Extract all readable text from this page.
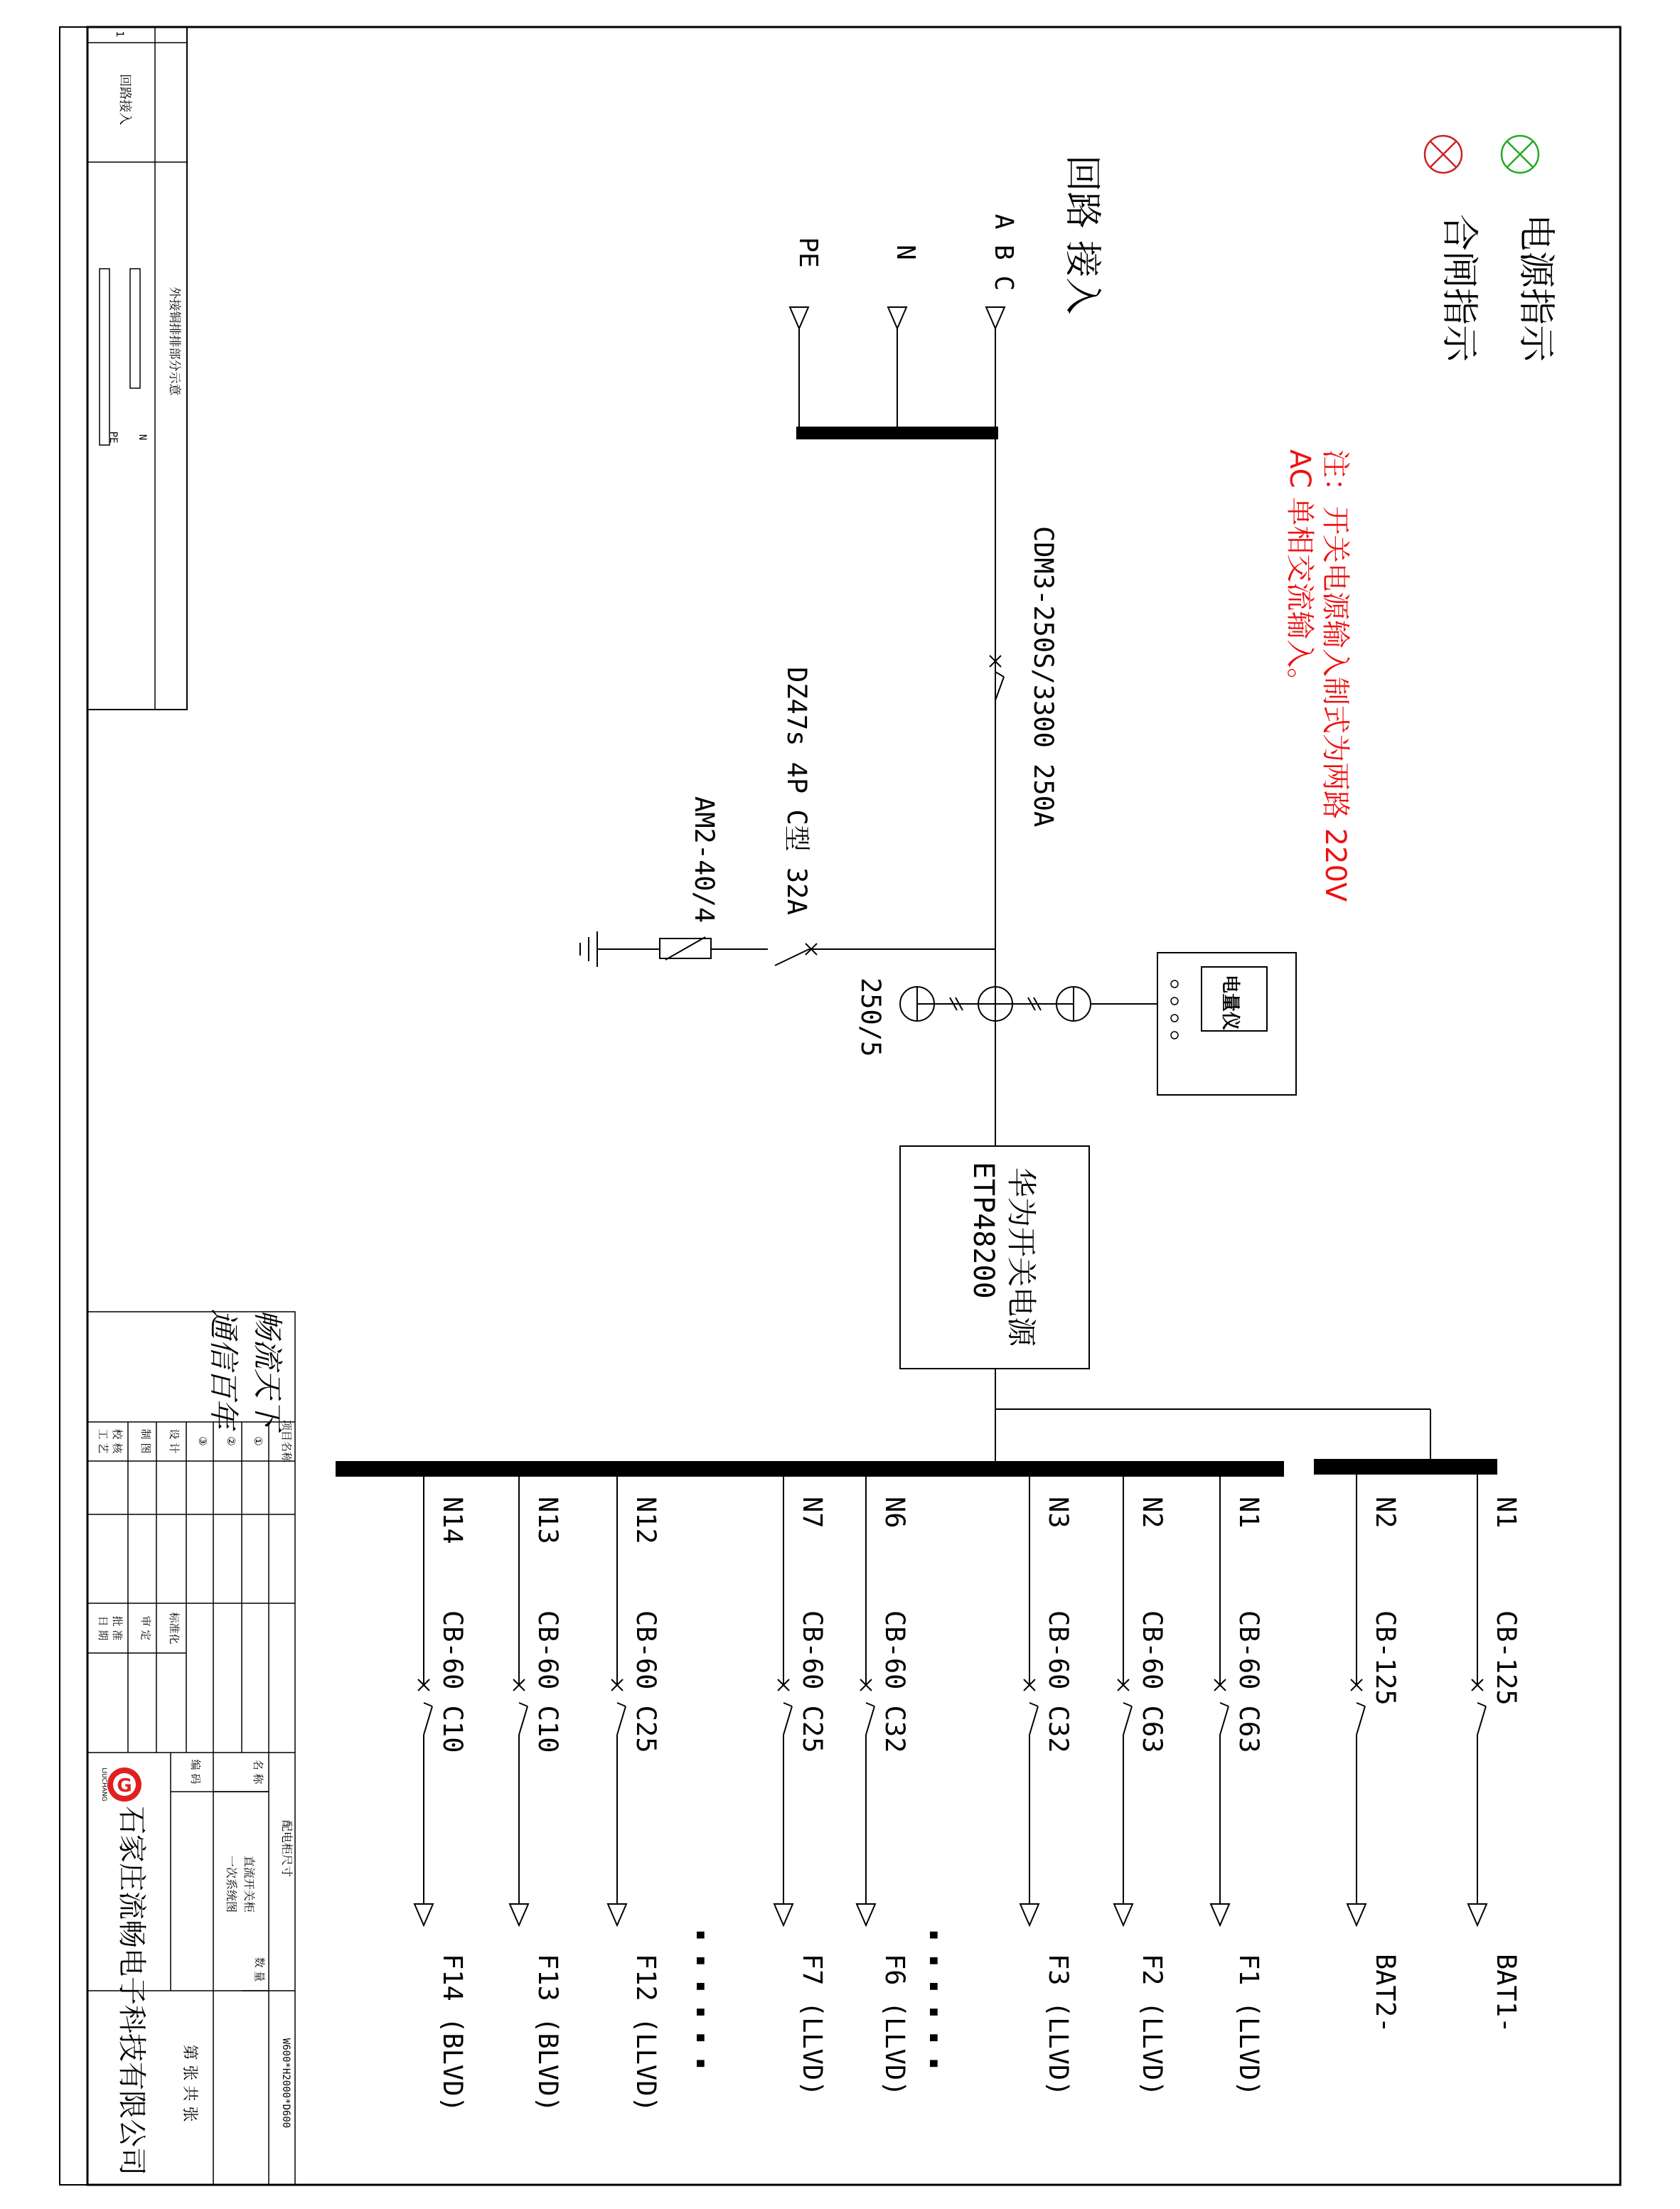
1
回路接入
外接铜排排部分示意
N
PE
电源指示
合闸指示
注：开关电源输入制式为两路 220V
AC 单相交流输入。
回路 接入
A B C
N
PE
CDM3-250S/3300 250A
DZ47s 4P C型 32A
AM2-40/4
250/5	电量仪
华为开关电源
ETP48200
N1
CB-125
BAT1-
N2
CB-125
BAT2-
N1
CB-60 C63
F1 (LLVD)
N2
CB-60 C63
F2 (LLVD)
N3
CB-60 C32
F3 (LLVD)
N6
CB-60 C32
F6 (LLVD)
N7
CB-60 C25
F7 (LLVD)
N12
CB-60 C25
F12 (LLVD)
N13
CB-60 C10
F13 (BLVD)
N14
CB-60 C10
F14 (BLVD)	......
......
畅流天下
通信百年
项目名称
①
②
③
设 计
制 图
校 核
工 艺
标准化
审 定
批 准
日 期
名 称
编 码
直流开关柜
一次系统图
数 量
配电柜尺寸
W600*H2000*D600
第 张 共 张
G
LIUCHANG
石家庄流畅电子科技有限公司
